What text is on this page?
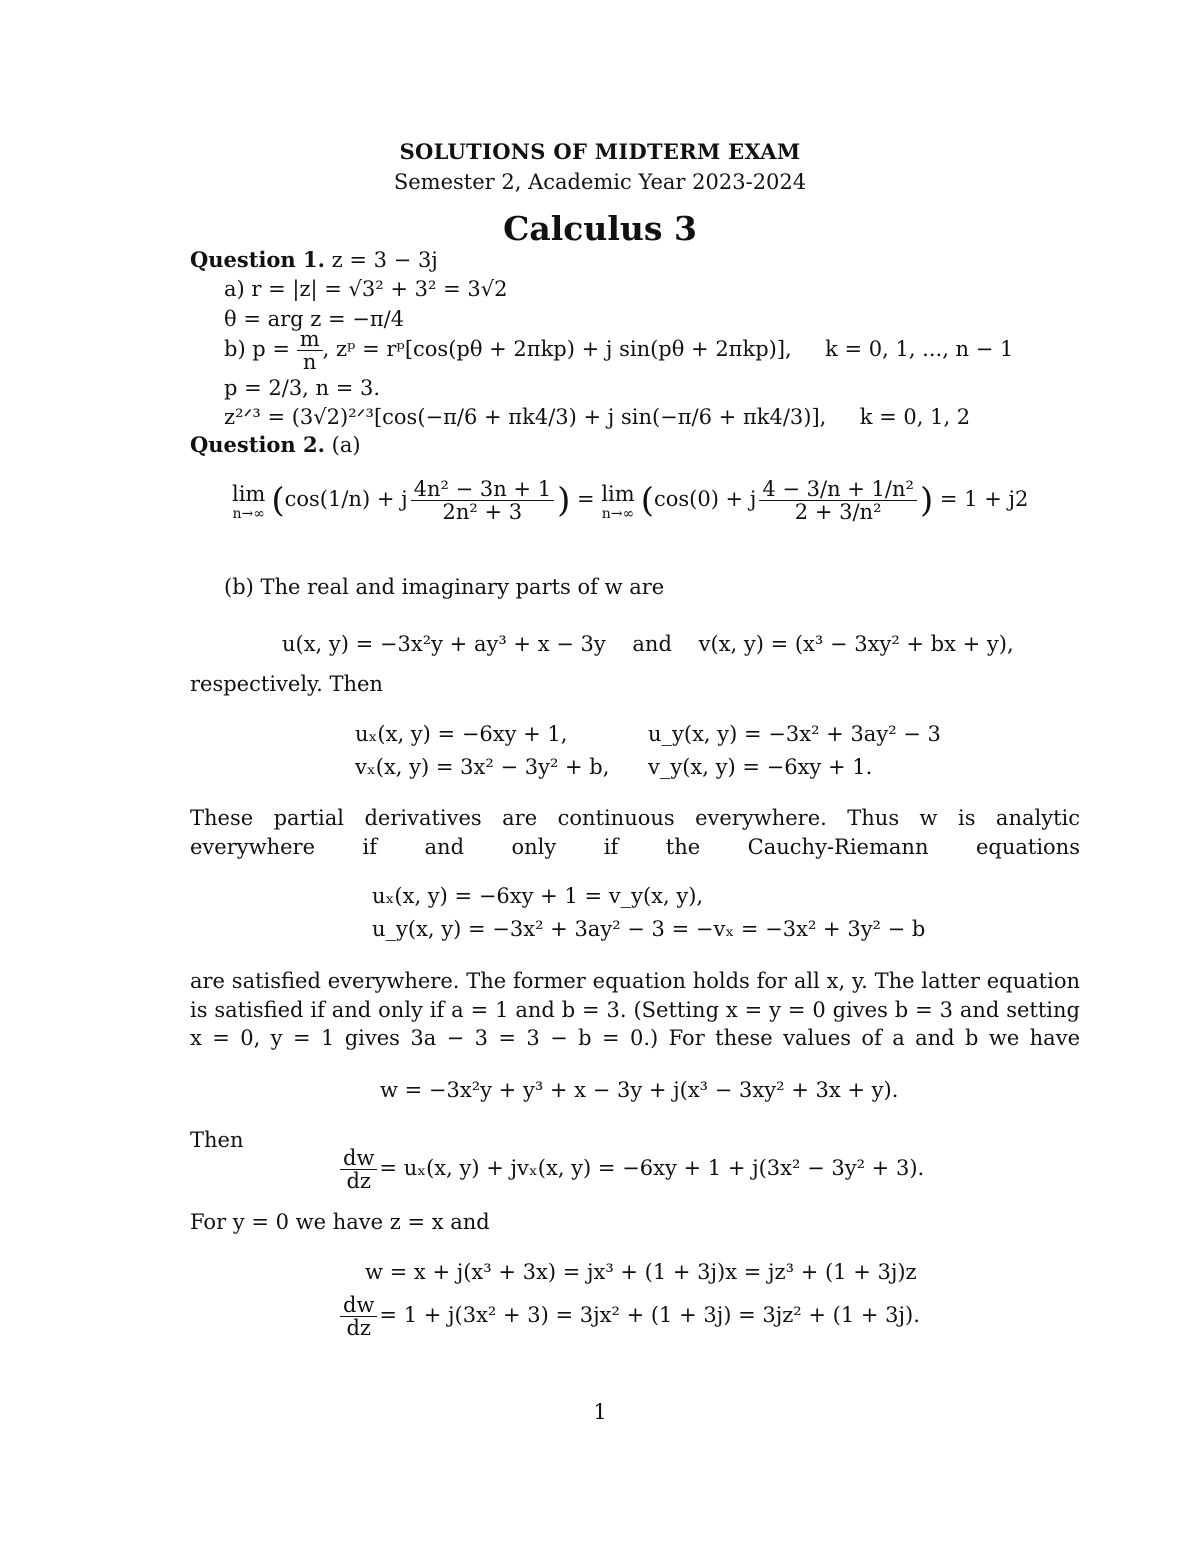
SOLUTIONS OF MIDTERM EXAM
Semester 2, Academic Year 2023-2024
Calculus 3
Question 1. z = 3 − 3j
a) r = |z| = √3² + 3² = 3√2
θ = arg z = −π/4
b) $p = \frac{m}{n}$ , zᵖ = rᵖ[cos(pθ + 2πkp) + j sin(pθ + 2πkp)],     k = 0, 1, ..., n − 1
p = 2/3, n = 3.
z²ᐟ³ = (3√2)²ᐟ³[cos(−π/6 + πk4/3) + j sin(−π/6 + πk4/3)],     k = 0, 1, 2
Question 2. (a)
lim
n→∞ (cos(1/n) + j $\frac{\text{4n² − 3n + 1}}{\text{2n² + 3}}$ ) = lim
n→∞ (cos(0) + j $\frac{\text{4 − 3/n + 1/n²}}{\text{2 + 3/n²}}$ ) = 1 + j2
(b) The real and imaginary parts of w are
u(x, y) = −3x²y + ay³ + x − 3y    and    v(x, y) = (x³ − 3xy² + bx + y),
respectively. Then
uₓ(x, y) = −6xy + 1,	u_y(x, y) = −3x² + 3ay² − 3
vₓ(x, y) = 3x² − 3y² + b, v_y(x, y) = −6xy + 1.
These partial derivatives are continuous everywhere. Thus w is analytic everywhere if and only if the Cauchy-Riemann equations
uₓ(x, y) = −6xy + 1 = v_y(x, y),
u_y(x, y) = −3x² + 3ay² − 3 = −vₓ = −3x² + 3y² − b
are satisfied everywhere. The former equation holds for all x, y. The latter equation is satisfied if and only if a = 1 and b = 3. (Setting x = y = 0 gives b = 3 and setting x = 0, y = 1 gives 3a − 3 = 3 − b = 0.) For these values of a and b we have
w = −3x²y + y³ + x − 3y + j(x³ − 3xy² + 3x + y).
Then
$\frac{dw}{dz} = u_x(x$, y) + jvₓ(x, y) = −6xy + 1 + j(3x² − 3y² + 3).
For y = 0 we have z = x and
w = x + j(x³ + 3x) = jx³ + (1 + 3j)x = jz³ + (1 + 3j)z
$\frac{dw}{dz} = 1 + j(3x^2 + 3) = 3jx^2 + (1 + 3j) = 3jz^2 + (1 + 3j)$.
1
